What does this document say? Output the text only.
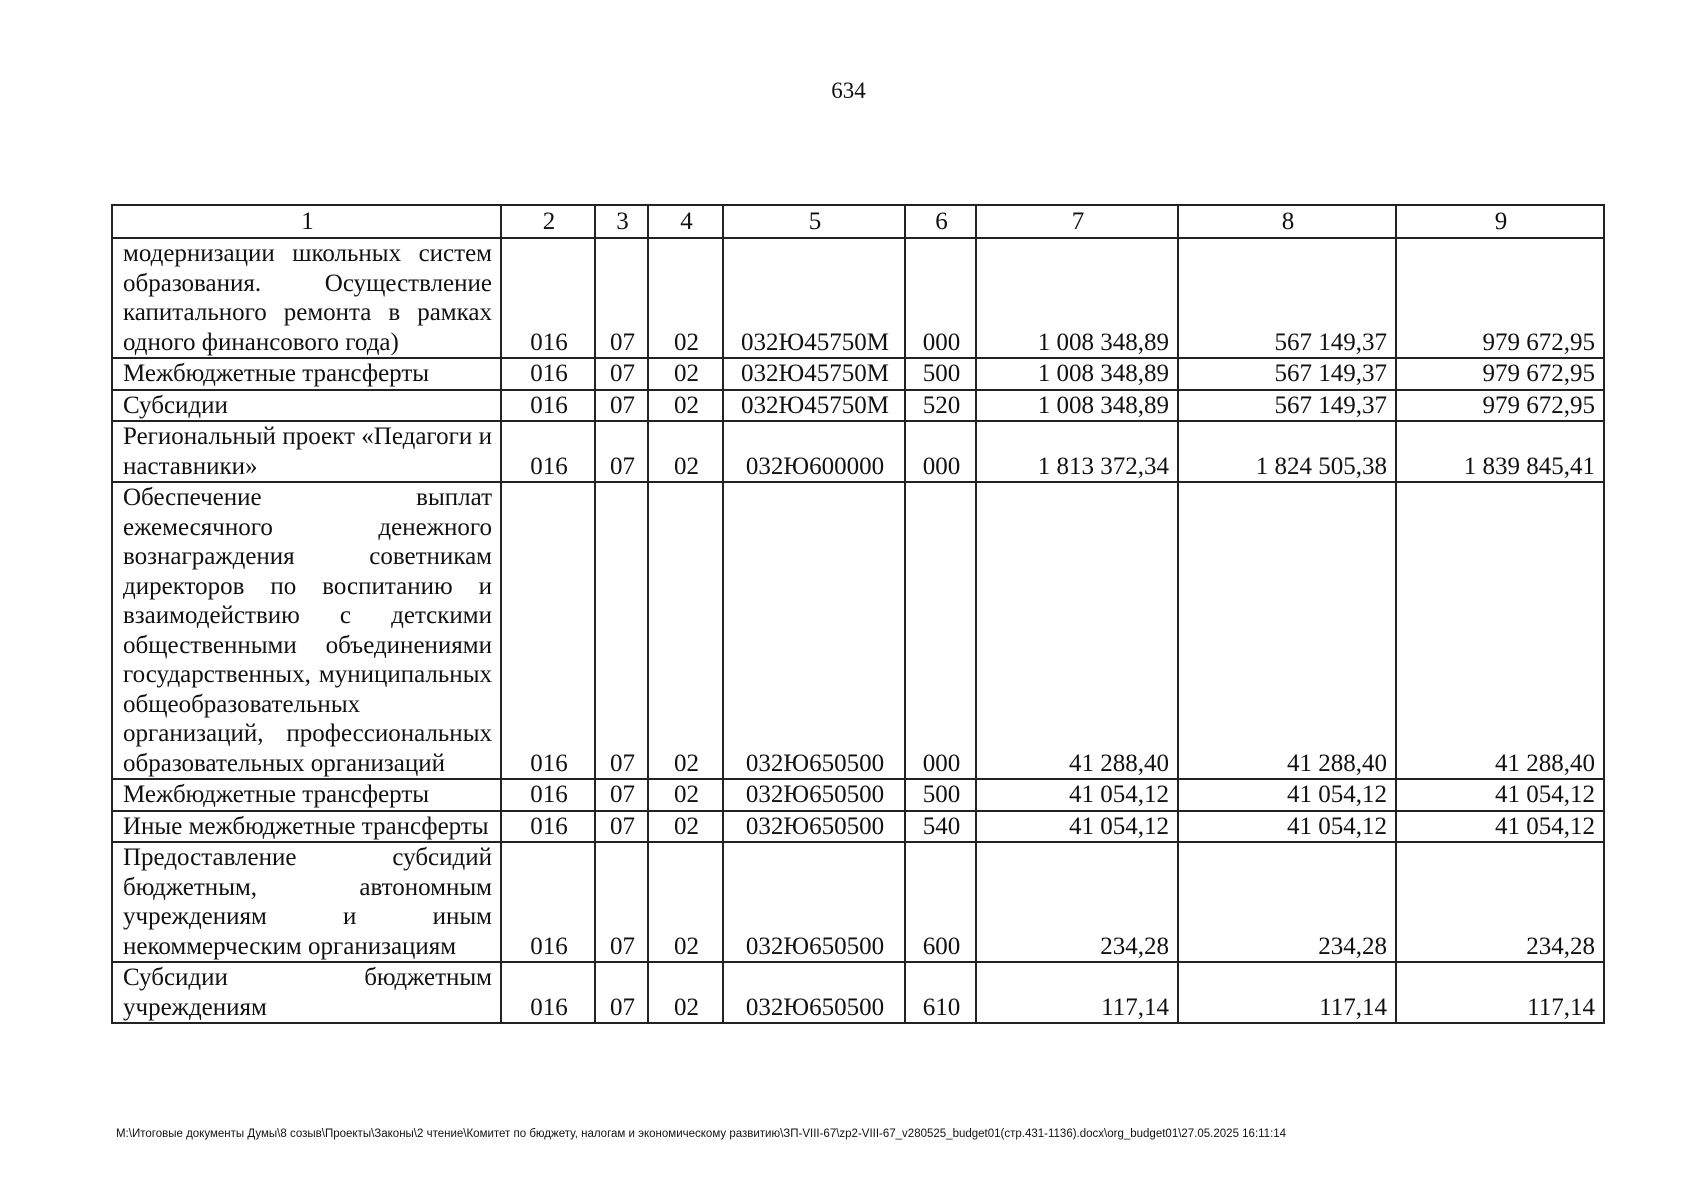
634
1	2	3	4	5	6	7	8	9
модернизации школьных систем образования. Осуществление капитального ремонта в рамках одного финансового года)	016	07	02	032Ю45750М	000	1 008 348,89	567 149,37	979 672,95
Межбюджетные трансферты	016	07	02	032Ю45750М	500	1 008 348,89	567 149,37	979 672,95
Субсидии	016	07	02	032Ю45750М	520	1 008 348,89	567 149,37	979 672,95
Региональный проект «Педагоги и наставники»	016	07	02	032Ю600000	000	1 813 372,34	1 824 505,38	1 839 845,41
Обеспечение выплат ежемесячного денежного вознаграждения советникам директоров по воспитанию и взаимодействию с детскими общественными объединениями государственных, муниципальных общеобразовательных организаций, профессиональных образовательных организаций	016	07	02	032Ю650500	000	41 288,40	41 288,40	41 288,40
Межбюджетные трансферты	016	07	02	032Ю650500	500	41 054,12	41 054,12	41 054,12
Иные межбюджетные трансферты	016	07	02	032Ю650500	540	41 054,12	41 054,12	41 054,12
Предоставление субсидий бюджетным, автономным учреждениям и иным некоммерческим организациям	016	07	02	032Ю650500	600	234,28	234,28	234,28
Субсидии бюджетным учреждениям	016	07	02	032Ю650500	610	117,14	117,14	117,14
M:\Итоговые документы Думы\8 созыв\Проекты\Законы\2 чтение\Комитет по бюджету, налогам и экономическому развитию\ЗП-VIII-67\zp2-VIII-67_v280525_budget01(стр.431-1136).docx\org_budget01\27.05.2025 16:11:14
